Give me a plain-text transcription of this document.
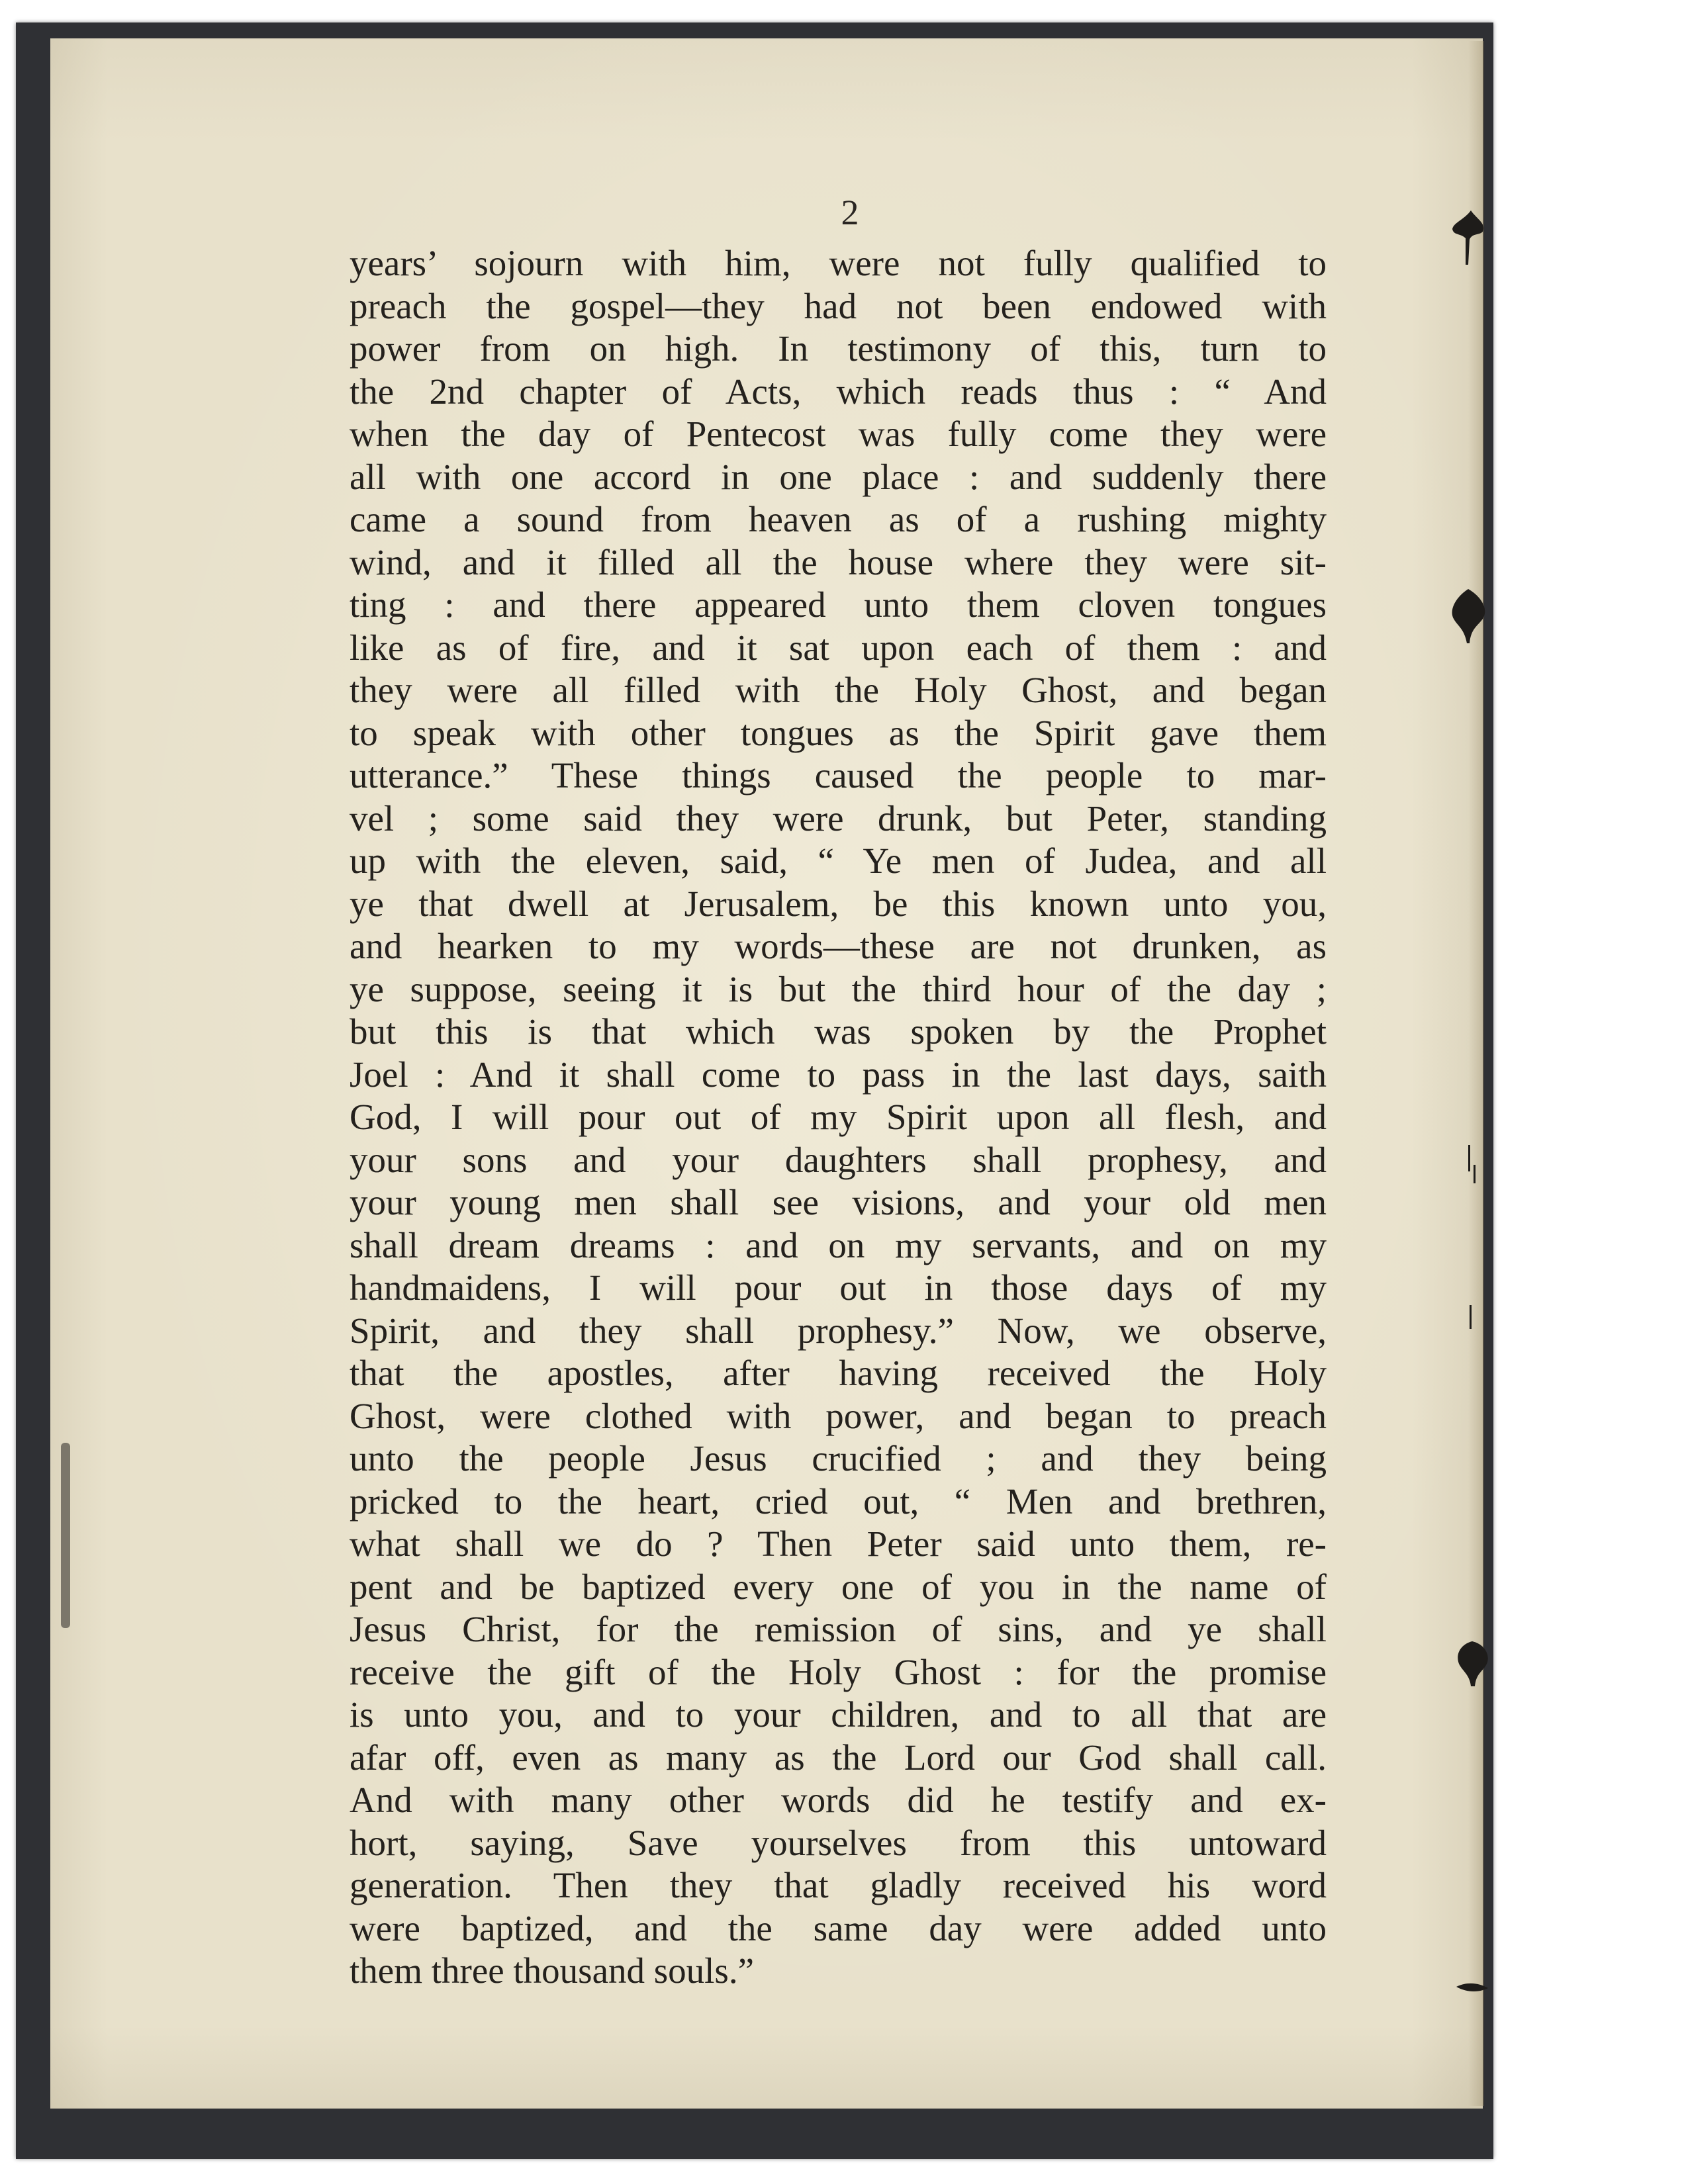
2
years’ sojourn with him, were not fully qualified to
preach the gospel—they had not been endowed with
power from on high. In testimony of this, turn to
the 2nd chapter of Acts, which reads thus : “ And
when the day of Pentecost was fully come they were
all with one accord in one place : and suddenly there
came a sound from heaven as of a rushing mighty
wind, and it filled all the house where they were sit-
ting : and there appeared unto them cloven tongues
like as of fire, and it sat upon each of them : and
they were all filled with the Holy Ghost, and began
to speak with other tongues as the Spirit gave them
utterance.” These things caused the people to mar-
vel ; some said they were drunk, but Peter, standing
up with the eleven, said, “ Ye men of Judea, and all
ye that dwell at Jerusalem, be this known unto you,
and hearken to my words—these are not drunken, as
ye suppose, seeing it is but the third hour of the day ;
but this is that which was spoken by the Prophet
Joel : And it shall come to pass in the last days, saith
God, I will pour out of my Spirit upon all flesh, and
your sons and your daughters shall prophesy, and
your young men shall see visions, and your old men
shall dream dreams : and on my servants, and on my
handmaidens, I will pour out in those days of my
Spirit, and they shall prophesy.” Now, we observe,
that the apostles, after having received the Holy
Ghost, were clothed with power, and began to preach
unto the people Jesus crucified ; and they being
pricked to the heart, cried out, “ Men and brethren,
what shall we do ? Then Peter said unto them, re-
pent and be baptized every one of you in the name of
Jesus Christ, for the remission of sins, and ye shall
receive the gift of the Holy Ghost : for the promise
is unto you, and to your children, and to all that are
afar off, even as many as the Lord our God shall call.
And with many other words did he testify and ex-
hort, saying, Save yourselves from this untoward
generation. Then they that gladly received his word
were baptized, and the same day were added unto
them three thousand souls.”
